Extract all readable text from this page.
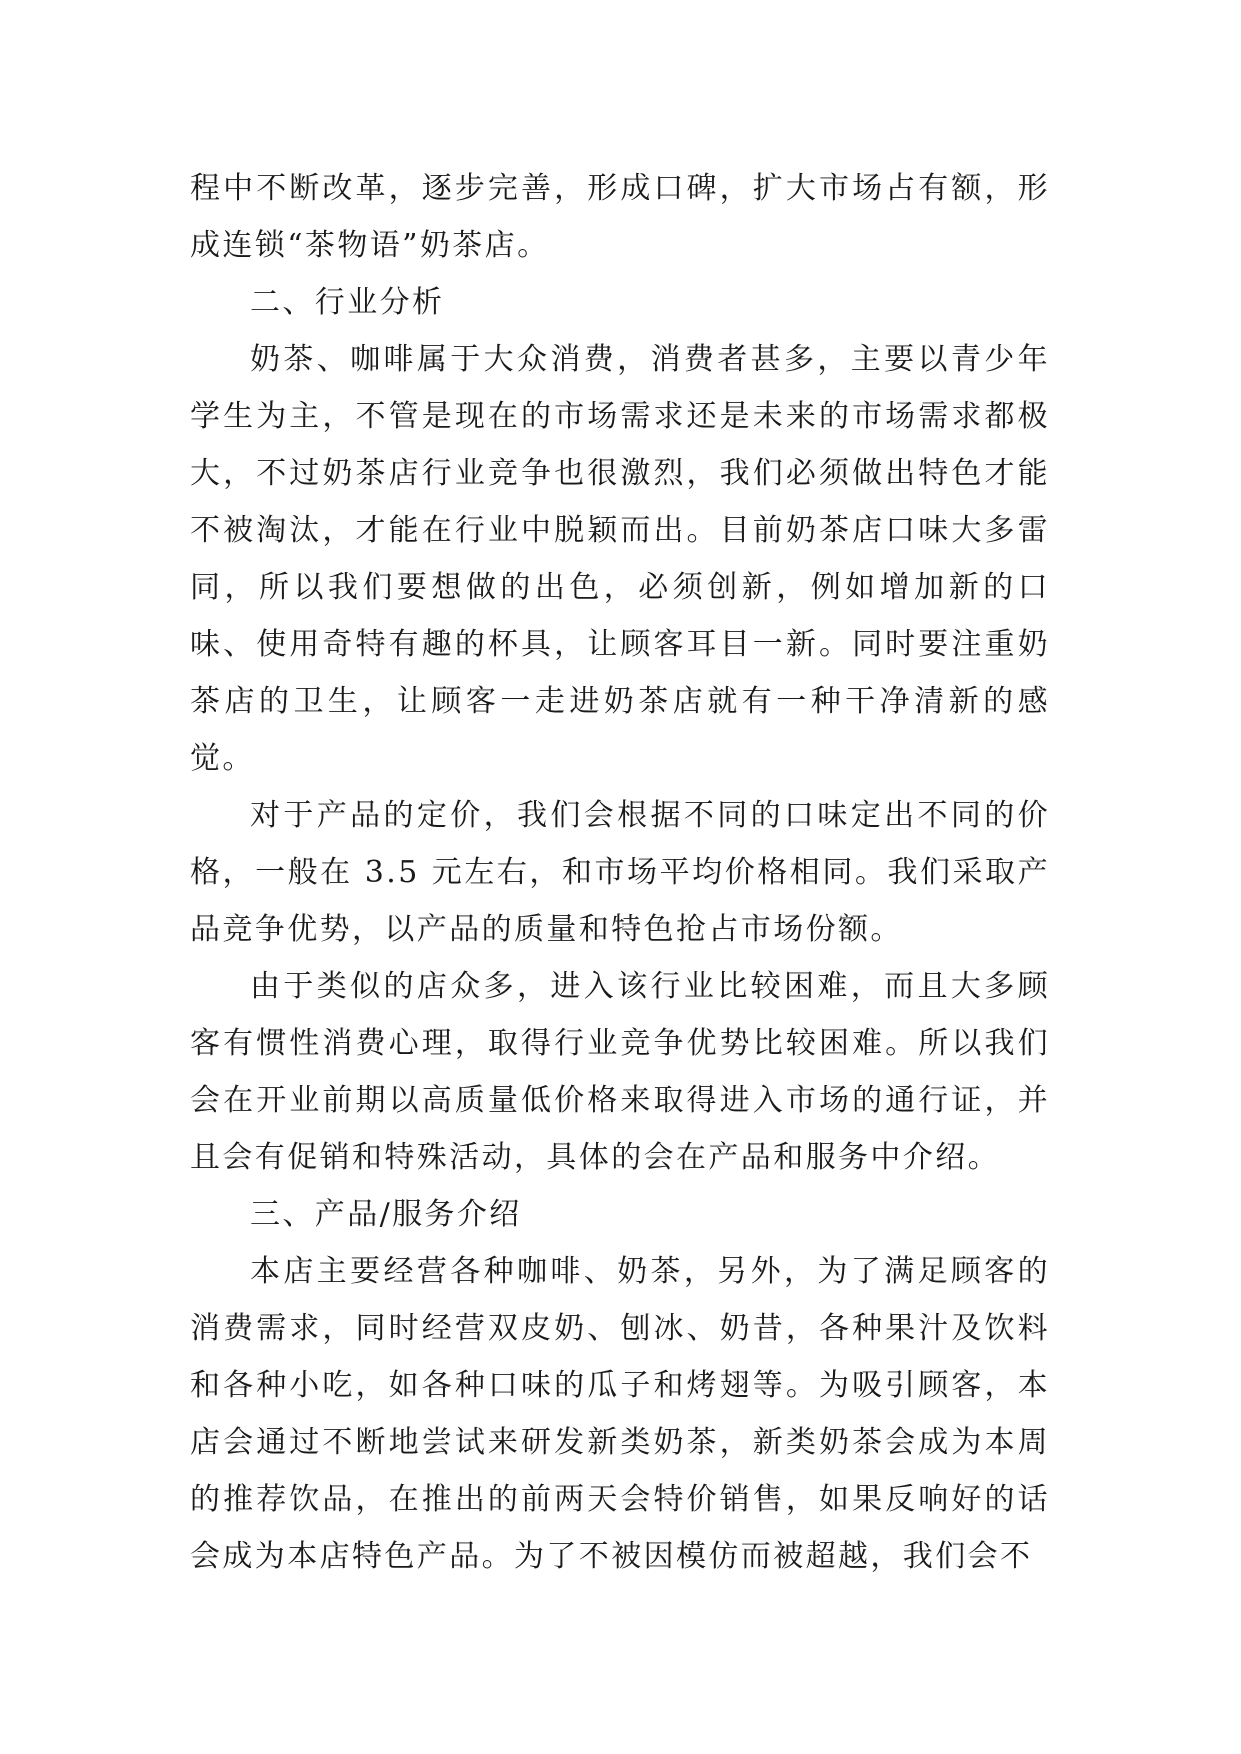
程中不断改革，逐步完善，形成口碑，扩大市场占有额，形成连锁“茶物语”奶茶店。

二、行业分析

奶茶、咖啡属于大众消费，消费者甚多，主要以青少年学生为主，不管是现在的市场需求还是未来的市场需求都极大，不过奶茶店行业竞争也很激烈，我们必须做出特色才能不被淘汰，才能在行业中脱颖而出。目前奶茶店口味大多雷同，所以我们要想做的出色，必须创新，例如增加新的口味、使用奇特有趣的杯具，让顾客耳目一新。同时要注重奶茶店的卫生，让顾客一走进奶茶店就有一种干净清新的感觉。

对于产品的定价，我们会根据不同的口味定出不同的价格，一般在 3.5 元左右，和市场平均价格相同。我们采取产品竞争优势，以产品的质量和特色抢占市场份额。

由于类似的店众多，进入该行业比较困难，而且大多顾客有惯性消费心理，取得行业竞争优势比较困难。所以我们会在开业前期以高质量低价格来取得进入市场的通行证，并且会有促销和特殊活动，具体的会在产品和服务中介绍。

三、产品/服务介绍

本店主要经营各种咖啡、奶茶，另外，为了满足顾客的消费需求，同时经营双皮奶、刨冰、奶昔，各种果汁及饮料和各种小吃，如各种口味的瓜子和烤翅等。为吸引顾客，本店会通过不断地尝试来研发新类奶茶，新类奶茶会成为本周的推荐饮品，在推出的前两天会特价销售，如果反响好的话会成为本店特色产品。为了不被因模仿而被超越，我们会不
